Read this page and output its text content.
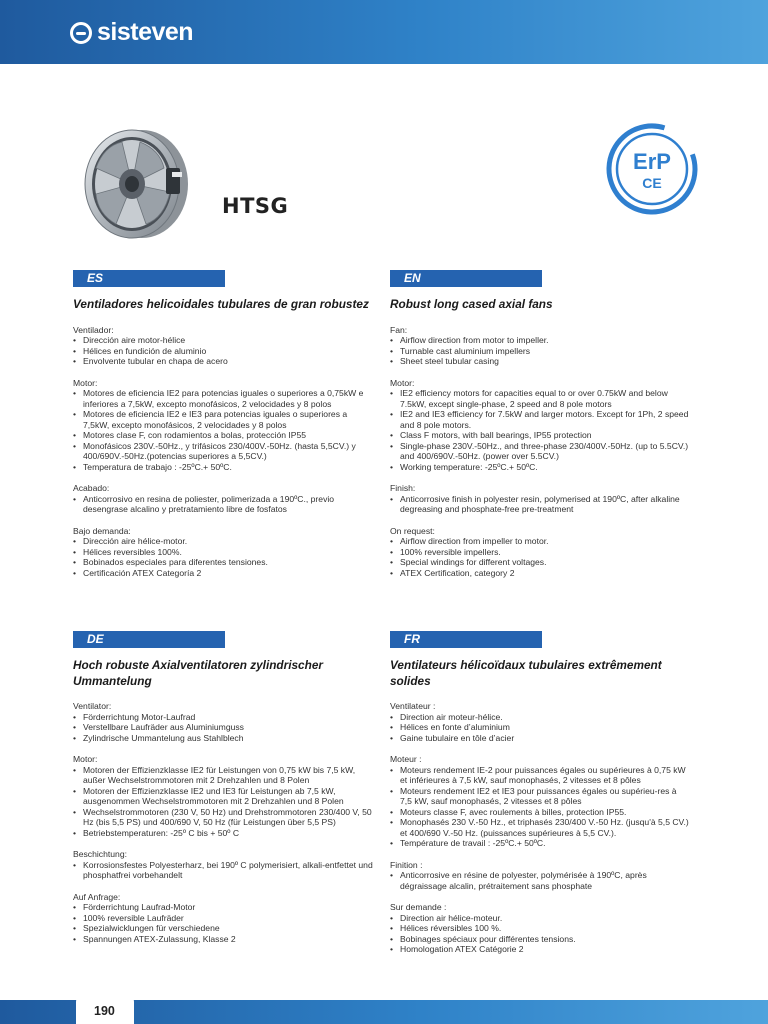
sisteven
HTSG
ErP
CE
ES
Ventiladores helicoidales tubulares de gran robustez
Ventilador:
• Dirección aire motor-hélice
• Hélices en fundición de aluminio
• Envolvente tubular en chapa de acero
Motor:
• Motores de eficiencia IE2 para potencias iguales o superiores a 0,75kW e inferiores a 7,5kW, excepto monofásicos, 2 velocidades y 8 polos
• Motores de eficiencia IE2 e IE3 para potencias iguales o superiores a 7,5kW, excepto monofásicos, 2 velocidades y 8 polos
• Motores clase F, con rodamientos a bolas, protección IP55
• Monofásicos 230V.-50Hz., y trifásicos 230/400V.-50Hz. (hasta 5,5CV.) y 400/690V.-50Hz.(potencias superiores a 5,5CV.)
• Temperatura de trabajo : -25ºC.+ 50ºC.
Acabado:
• Anticorrosivo en resina de poliester, polimerizada a 190ºC., previo desengrase alcalino y pretratamiento libre de fosfatos
Bajo demanda:
• Dirección aire hélice-motor.
• Hélices reversibles 100%.
• Bobinados especiales para diferentes tensiones.
• Certificación ATEX Categoría 2
EN
Robust long cased axial fans
Fan:
• Airflow direction from motor to impeller.
• Turnable cast aluminium impellers
• Sheet steel tubular casing
Motor:
• IE2 efficiency motors for capacities equal to or over 0.75kW and below 7.5kW, except single-phase, 2 speed and 8 pole motors
• IE2 and IE3 efficiency for 7.5kW and larger motors. Except for 1Ph, 2 speed and 8 pole motors.
• Class F motors, with ball bearings, IP55 protection
• Single-phase 230V.-50Hz., and three-phase 230/400V.-50Hz. (up to 5.5CV.) and 400/690V.-50Hz. (power over 5.5CV.)
• Working temperature: -25ºC.+ 50ºC.
Finish:
• Anticorrosive finish in polyester resin, polymerised at 190ºC, after alkaline degreasing and phosphate-free pre-treatment
On request:
• Airflow direction from impeller to motor.
• 100% reversible impellers.
• Special windings for different voltages.
• ATEX Certification, category 2
DE
Hoch robuste Axialventilatoren zylindrischer Ummantelung
Ventilator:
• Förderrichtung Motor-Laufrad
• Verstellbare Laufräder aus Aluminiumguss
• Zylindrische Ummantelung aus Stahlblech
Motor:
• Motoren der Effizienzklasse IE2 für Leistungen von 0,75 kW bis 7,5 kW, außer Wechselstrommotoren mit 2 Drehzahlen und 8 Polen
• Motoren der Effizienzklasse IE2 und IE3 für Leistungen ab 7,5 kW, ausgenommen Wechselstrommotoren mit 2 Drehzahlen und 8 Polen
• Wechselstrommotoren (230 V, 50 Hz) und Drehstrommotoren 230/400 V, 50 Hz (bis 5,5 PS) und 400/690 V, 50 Hz (für Leistungen über 5,5 PS)
• Betriebstemperaturen: -25º C bis + 50º C
Beschichtung:
• Korrosionsfestes Polyesterharz, bei 190º C polymerisiert, alkali-entfettet und phosphatfrei vorbehandelt
Auf Anfrage:
• Förderrichtung Laufrad-Motor
• 100% reversible Laufräder
• Spezialwicklungen für verschiedene
• Spannungen ATEX-Zulassung, Klasse 2
FR
Ventilateurs hélicoïdaux tubulaires extrêmement solides
Ventilateur :
• Direction air moteur-hélice.
• Hélices en fonte d’aluminium
• Gaine tubulaire en tôle d’acier
Moteur :
• Moteurs rendement IE-2 pour puissances égales ou supérieures à 0,75 kW et inférieures à 7,5 kW, sauf monophasés, 2 vitesses et 8 pôles
• Moteurs rendement IE2 et IE3 pour puissances égales ou supérieu-res à 7,5 kW, sauf monophasés, 2 vitesses et 8 pôles
• Moteurs classe F, avec roulements à billes, protection IP55.
• Monophasés 230 V.-50 Hz., et triphasés 230/400 V.-50 Hz. (jusqu'à 5,5 CV.) et 400/690 V.-50 Hz. (puissances supérieures à 5,5 CV.).
• Température de travail : -25ºC.+ 50ºC.
Finition :
• Anticorrosive en résine de polyester, polymérisée à 190ºC, après dégraissage alcalin, prétraitement sans phosphate
Sur demande :
• Direction air hélice-moteur.
• Hélices réversibles 100 %.
• Bobinages spéciaux pour différentes tensions.
• Homologation ATEX Catégorie 2
190
